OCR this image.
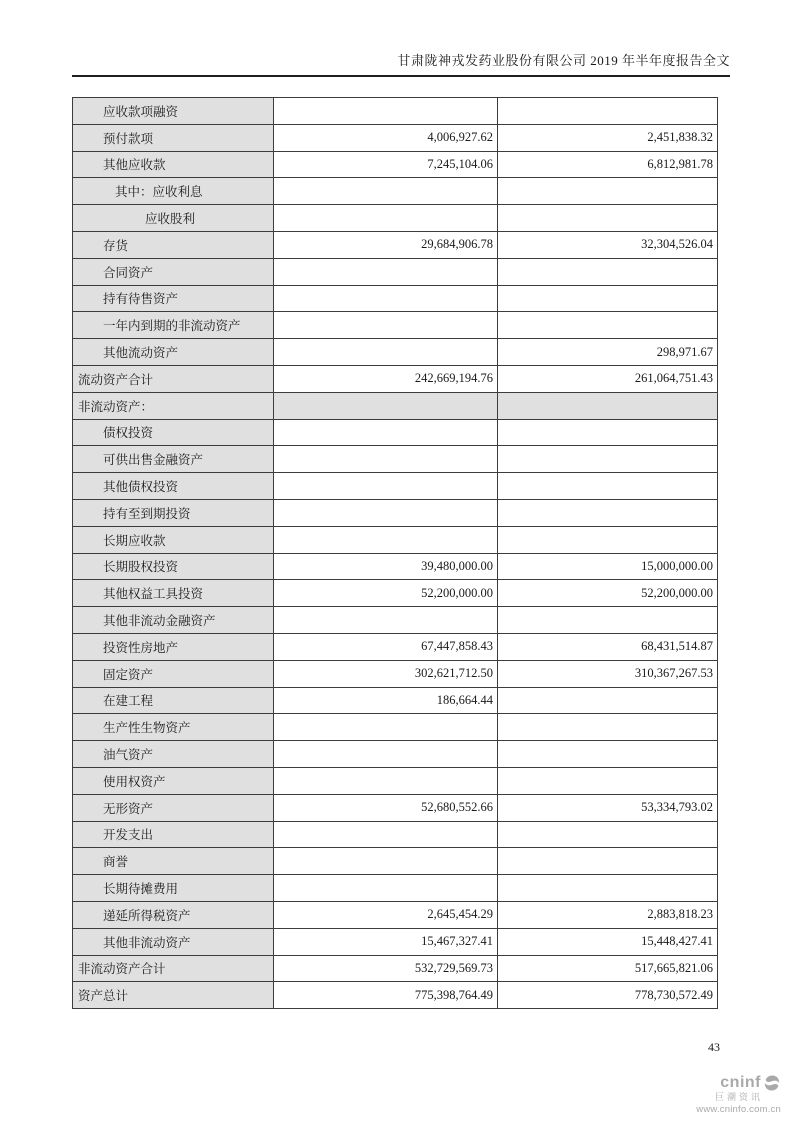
甘肃陇神戎发药业股份有限公司 2019 年半年度报告全文
应收款项融资		
预付款项	4,006,927.62	2,451,838.32
其他应收款	7,245,104.06	6,812,981.78
其中：应收利息		
应收股利		
存货	29,684,906.78	32,304,526.04
合同资产		
持有待售资产		
一年内到期的非流动资产		
其他流动资产		298,971.67
流动资产合计	242,669,194.76	261,064,751.43
非流动资产：		
债权投资		
可供出售金融资产		
其他债权投资		
持有至到期投资		
长期应收款		
长期股权投资	39,480,000.00	15,000,000.00
其他权益工具投资	52,200,000.00	52,200,000.00
其他非流动金融资产		
投资性房地产	67,447,858.43	68,431,514.87
固定资产	302,621,712.50	310,367,267.53
在建工程	186,664.44	
生产性生物资产		
油气资产		
使用权资产		
无形资产	52,680,552.66	53,334,793.02
开发支出		
商誉		
长期待摊费用		
递延所得税资产	2,645,454.29	2,883,818.23
其他非流动资产	15,467,327.41	15,448,427.41
非流动资产合计	532,729,569.73	517,665,821.06
资产总计	775,398,764.49	778,730,572.49
43
cninf
巨潮资讯
www.cninfo.com.cn
